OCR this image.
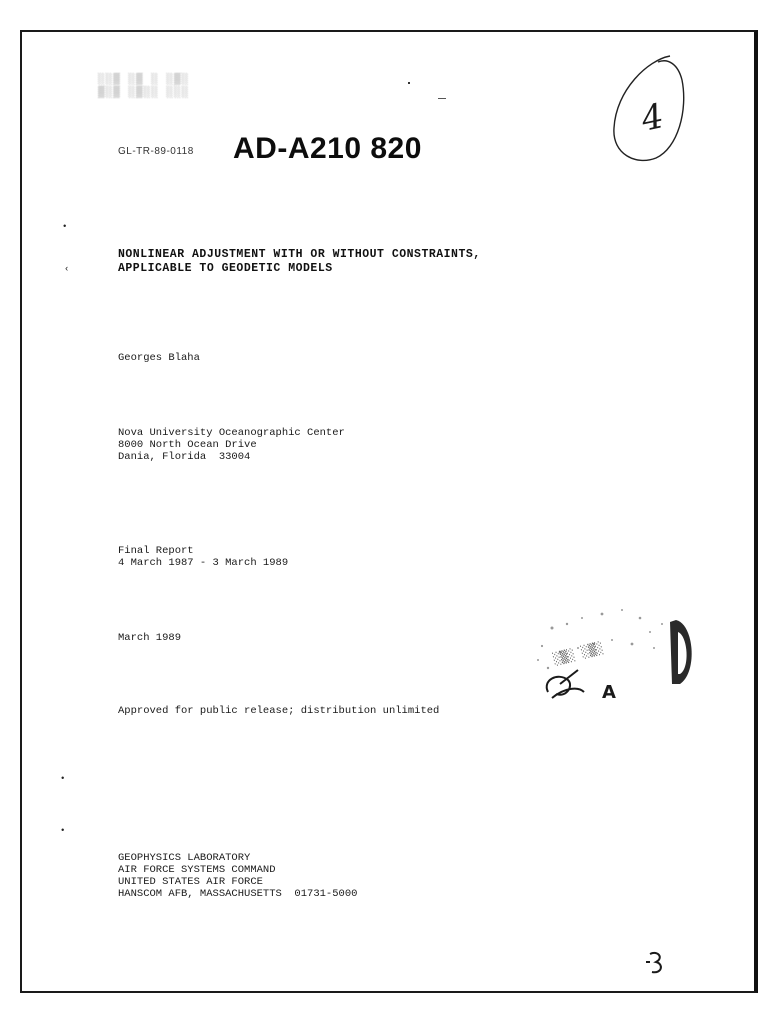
░░▒ ░▒ ░ ░▒░
▒░▒ ░▒░░ ░░░
4
GL-TR-89-0118 AD-A210 820
NONLINEAR ADJUSTMENT WITH OR WITHOUT CONSTRAINTS,
APPLICABLE TO GEODETIC MODELS
Georges Blaha
Nova University Oceanographic Center
8000 North Ocean Drive
Dania, Florida  33004
Final Report
4 March 1987 - 3 March 1989
March 1989
Approved for public release; distribution unlimited
░▒░ ░▒░
A
•
‹
•
•
GEOPHYSICS LABORATORY
AIR FORCE SYSTEMS COMMAND
UNITED STATES AIR FORCE
HANSCOM AFB, MASSACHUSETTS  01731-5000
